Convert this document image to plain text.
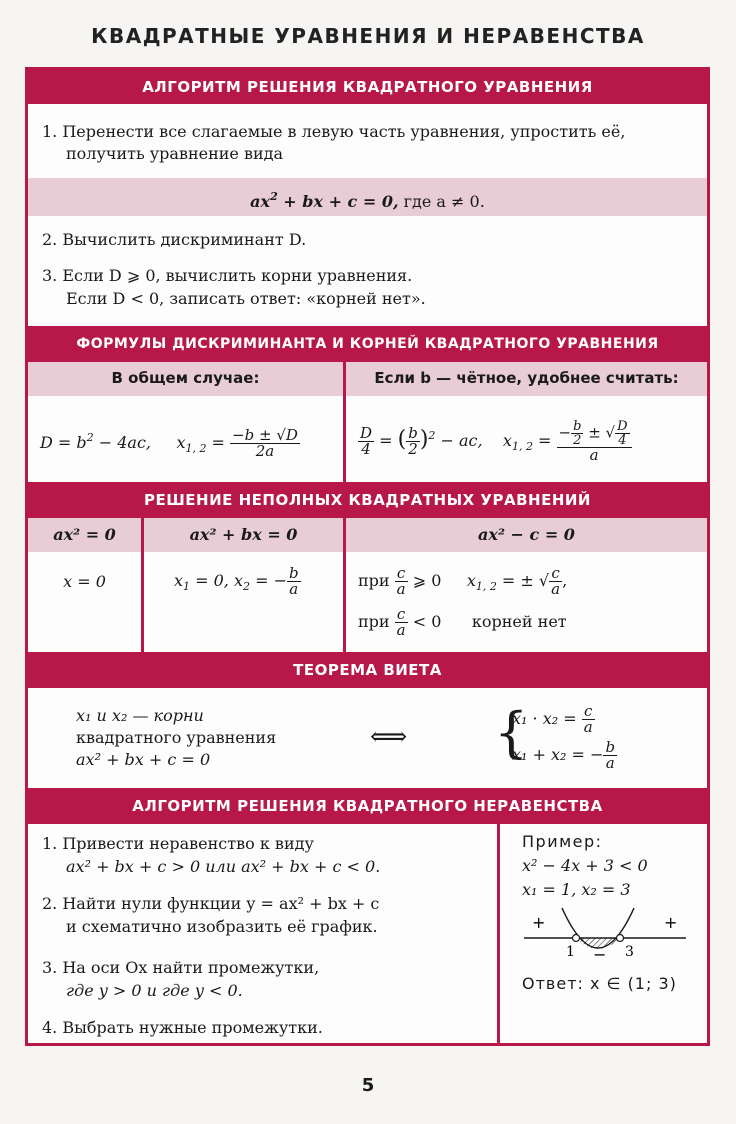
КВАДРАТНЫЕ УРАВНЕНИЯ И НЕРАВЕНСТВА
АЛГОРИТМ РЕШЕНИЯ КВАДРАТНОГО УРАВНЕНИЯ
1. Перенести все слагаемые в левую часть уравнения, упростить её,
получить уравнение вида
$ax^2$ + bx + c = 0, где a ≠ 0.
2. Вычислить дискриминант D.
3. Если D ⩾ 0, вычислить корни уравнения.
Если D < 0, записать ответ: «корней нет».
ФОРМУЛЫ ДИСКРИМИНАНТА И КОРНЕЙ КВАДРАТНОГО УРАВНЕНИЯ
В общем случае:	Если b — чётное, удобнее считать:
$D = b^2 - 4ac$, $x_{1, 2} = \frac{-b \pm √D}{2a}$	$\frac{D}{4}$ = ( $\frac{b}{2} )^2$ − ac, $x_{1, 2} = \frac{- \frac{b}{2} \pm √ \frac{D}{4}}{a}$
РЕШЕНИЕ НЕПОЛНЫХ КВАДРАТНЫХ УРАВНЕНИЙ
ax² = 0	ax² + bx = 0	ax² − c = 0
x = 0	$x_1 = 0$, $x_2$ = − $\frac{b}{a}$	при $\frac{c}{a}$ ⩾ 0 $x_{1, 2}$ = ± √ $\frac{c}{a}$ ,
при $\frac{c}{a} < 0$ корней нет
ТЕОРЕМА ВИЕТА
x₁ и x₂ — корни
квадратного уравнения
ax² + bx + c = 0
⟺ {
$x_1 \cdot x_2 = \frac{c}{a}$
x₁ + x₂ = − $\frac{b}{a}$
АЛГОРИТМ РЕШЕНИЯ КВАДРАТНОГО НЕРАВЕНСТВА
1. Привести неравенство к виду
ax² + bx + c > 0 или ax² + bx + c < 0.
2. Найти нули функции y = ax² + bx + c
и схематично изобразить её график.
3. На оси Ox найти промежутки,
где y > 0 и где y < 0.
4. Выбрать нужные промежутки.
Пример:
x² − 4x + 3 < 0
x₁ = 1, x₂ = 3
+	+
−
1	3
Ответ: x ∈ (1; 3)
5
